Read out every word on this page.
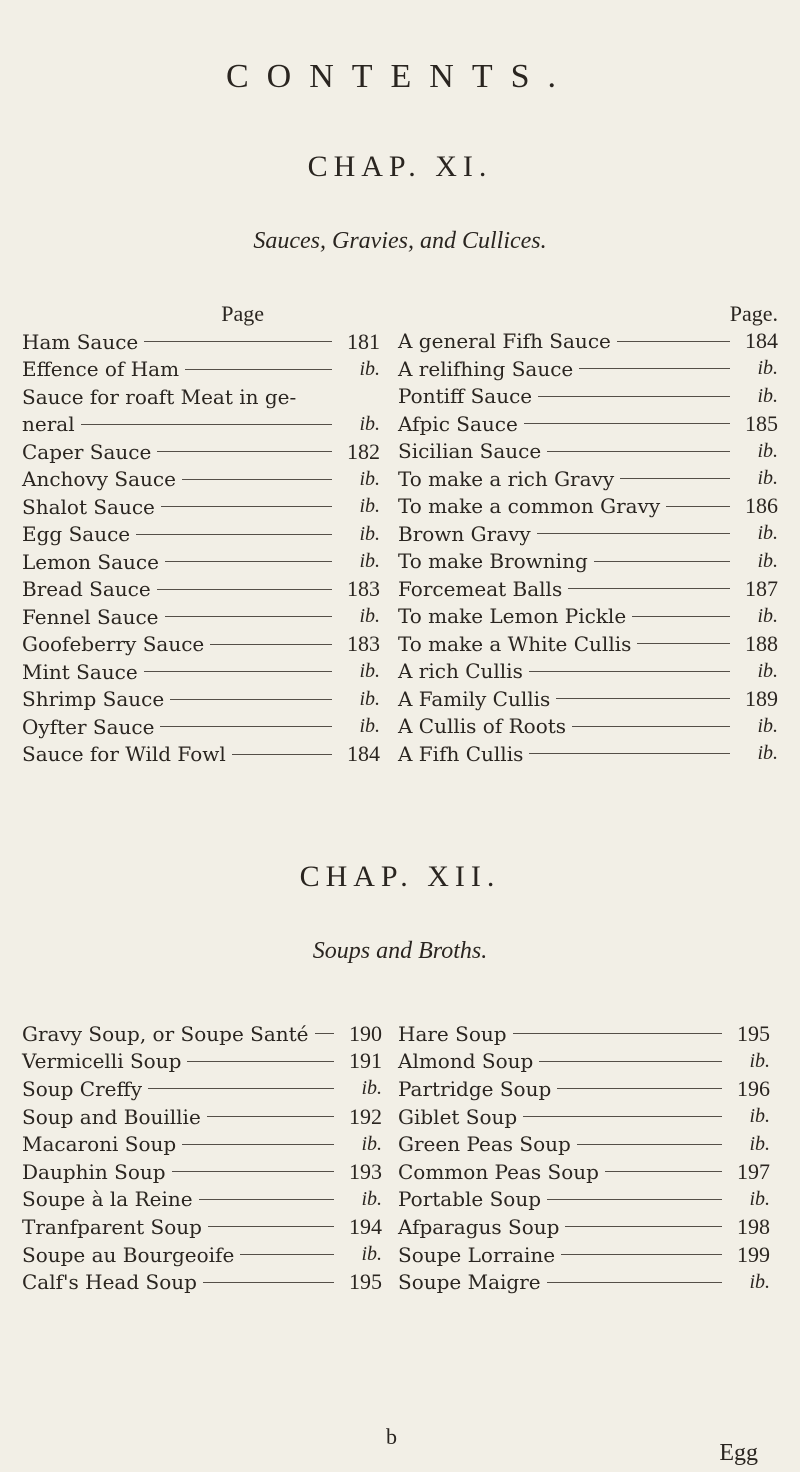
CONTENTS.
CHAP. XI.
Sauces, Gravies, and Cullices.
Page
Ham Sauce	181
Effence of Ham	ib.
Sauce for roaft Meat in ge-
neral	ib.
Caper Sauce	182
Anchovy Sauce	ib.
Shalot Sauce	ib.
Egg Sauce	ib.
Lemon Sauce	ib.
Bread Sauce	183
Fennel Sauce	ib.
Goofeberry Sauce	183
Mint Sauce	ib.
Shrimp Sauce	ib.
Oyfter Sauce	ib.
Sauce for Wild Fowl	184
Page.
A general Fifh Sauce	184
A relifhing Sauce	ib.
Pontiff Sauce	ib.
Afpic Sauce	185
Sicilian Sauce	ib.
To make a rich Gravy	ib.
To make a common Gravy	186
Brown Gravy	ib.
To make Browning	ib.
Forcemeat Balls	187
To make Lemon Pickle	ib.
To make a White Cullis	188
A rich Cullis	ib.
A Family Cullis	189
A Cullis of Roots	ib.
A Fifh Cullis	ib.
CHAP. XII.
Soups and Broths.
Gravy Soup, or Soupe Santé	190
Vermicelli Soup	191
Soup Creffy	ib.
Soup and Bouillie	192
Macaroni Soup	ib.
Dauphin Soup	193
Soupe à la Reine	ib.
Tranfparent Soup	194
Soupe au Bourgeoife	ib.
Calf's Head Soup	195
Hare Soup	195
Almond Soup	ib.
Partridge Soup	196
Giblet Soup	ib.
Green Peas Soup	ib.
Common Peas Soup	197
Portable Soup	ib.
Afparagus Soup	198
Soupe Lorraine	199
Soupe Maigre	ib.
b
Egg
